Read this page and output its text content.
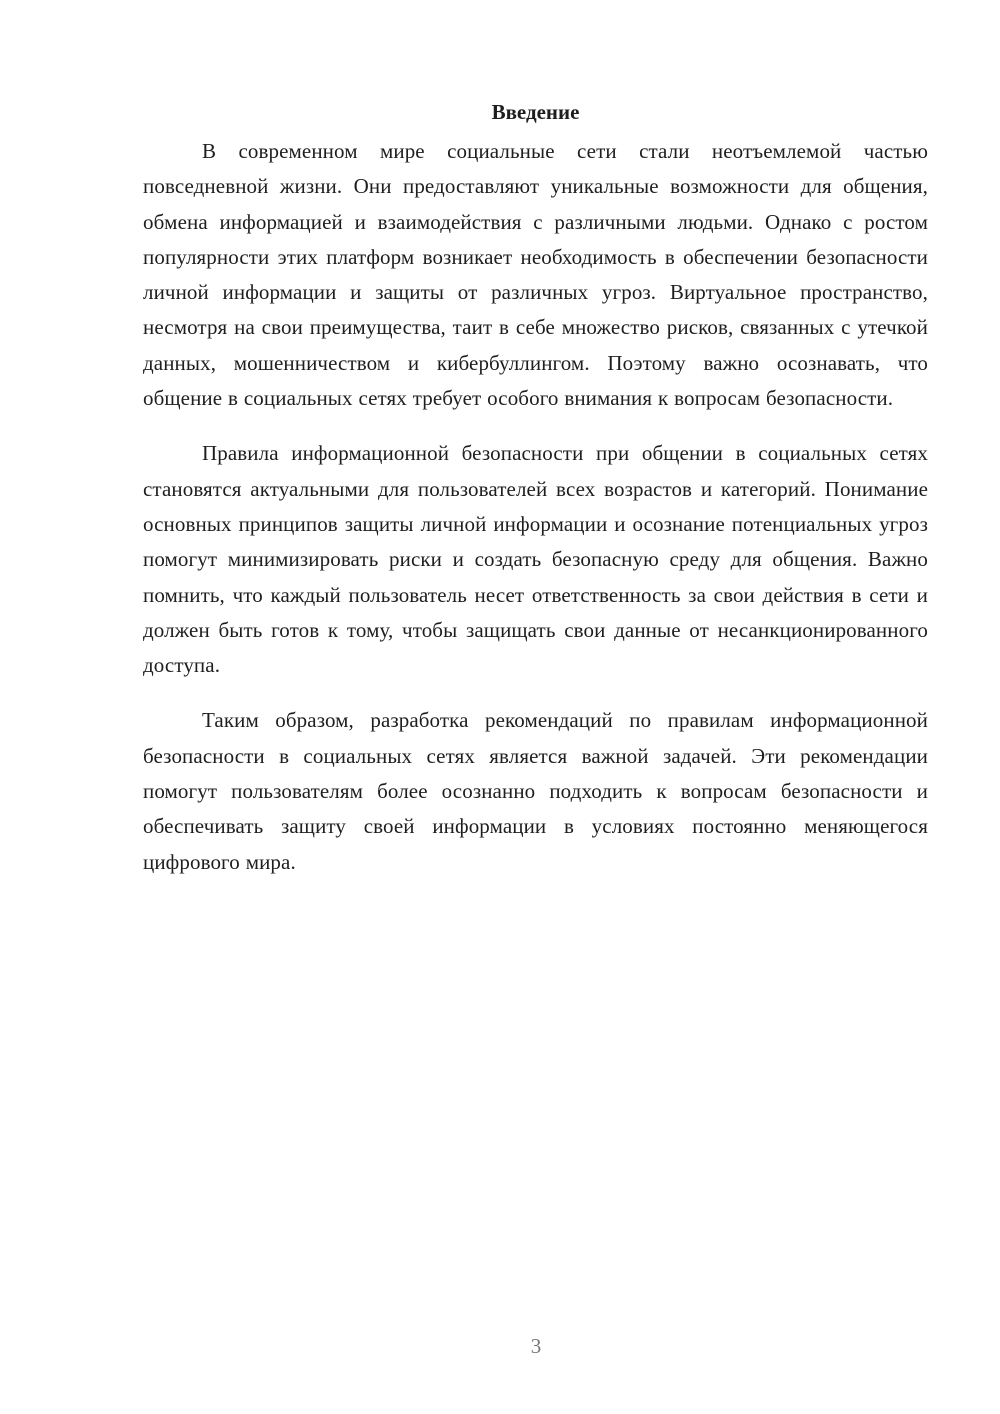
Введение

В современном мире социальные сети стали неотъемлемой частью повседневной жизни. Они предоставляют уникальные возможности для общения, обмена информацией и взаимодействия с различными людьми. Однако с ростом популярности этих платформ возникает необходимость в обеспечении безопасности личной информации и защиты от различных угроз. Виртуальное пространство, несмотря на свои преимущества, таит в себе множество рисков, связанных с утечкой данных, мошенничеством и кибербуллингом. Поэтому важно осознавать, что общение в социальных сетях требует особого внимания к вопросам безопасности.

Правила информационной безопасности при общении в социальных сетях становятся актуальными для пользователей всех возрастов и категорий. Понимание основных принципов защиты личной информации и осознание потенциальных угроз помогут минимизировать риски и создать безопасную среду для общения. Важно помнить, что каждый пользователь несет ответственность за свои действия в сети и должен быть готов к тому, чтобы защищать свои данные от несанкционированного доступа.

Таким образом, разработка рекомендаций по правилам информационной безопасности в социальных сетях является важной задачей. Эти рекомендации помогут пользователям более осознанно подходить к вопросам безопасности и обеспечивать защиту своей информации в условиях постоянно меняющегося цифрового мира.

3
